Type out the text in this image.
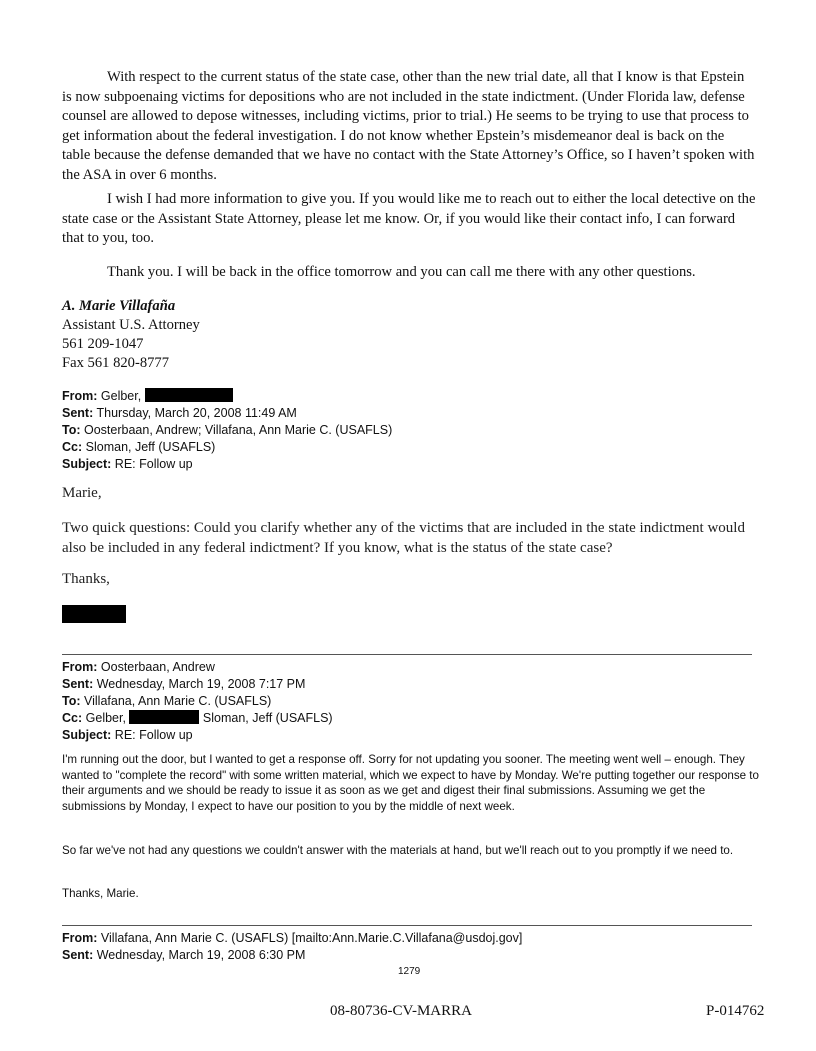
With respect to the current status of the state case, other than the new trial date, all that I know is that Epstein is now subpoenaing victims for depositions who are not included in the state indictment. (Under Florida law, defense counsel are allowed to depose witnesses, including victims, prior to trial.) He seems to be trying to use that process to get information about the federal investigation. I do not know whether Epstein’s misdemeanor deal is back on the table because the defense demanded that we have no contact with the State Attorney’s Office, so I haven’t spoken with the ASA in over 6 months.

I wish I had more information to give you. If you would like me to reach out to either the local detective on the state case or the Assistant State Attorney, please let me know. Or, if you would like their contact info, I can forward that to you, too.

Thank you. I will be back in the office tomorrow and you can call me there with any other questions.

A. Marie Villafaña
Assistant U.S. Attorney
561 209-1047
Fax 561 820-8777
From: Gelber,
Sent: Thursday, March 20, 2008 11:49 AM
To: Oosterbaan, Andrew; Villafana, Ann Marie C. (USAFLS)
Cc: Sloman, Jeff (USAFLS)
Subject: RE: Follow up

Marie,

Two quick questions: Could you clarify whether any of the victims that are included in the state indictment would also be included in any federal indictment? If you know, what is the status of the state case?

Thanks,

From: Oosterbaan, Andrew
Sent: Wednesday, March 19, 2008 7:17 PM
To: Villafana, Ann Marie C. (USAFLS)
Cc: Gelber,	Sloman, Jeff (USAFLS)
Subject: RE: Follow up

I'm running out the door, but I wanted to get a response off. Sorry for not updating you sooner. The meeting went well – enough. They wanted to "complete the record" with some written material, which we expect to have by Monday. We're putting together our response to their arguments and we should be ready to issue it as soon as we get and digest their final submissions. Assuming we get the submissions by Monday, I expect to have our position to you by the middle of next week.

So far we've not had any questions we couldn't answer with the materials at hand, but we'll reach out to you promptly if we need to.

Thanks, Marie.

From: Villafana, Ann Marie C. (USAFLS) [mailto:Ann.Marie.C.Villafana@usdoj.gov]
Sent: Wednesday, March 19, 2008 6:30 PM
1279
08-80736-CV-MARRA	P-014762
